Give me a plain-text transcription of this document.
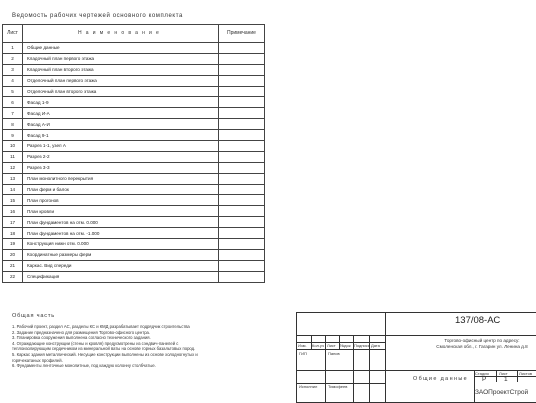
Ведомость рабочих чертежей основного комплекта
Лист	Наименование	Примечание
1	Общие данные	
2	Кладочный план первого этажа	
3	Кладочный план второго этажа	
4	Отделочный план первого этажа	
5	Отделочный план второго этажа	
6	Фасад 1-9	
7	Фасад И-А	
8	Фасад А-И	
9	Фасад 9-1	
10	Разрез 1-1, узел А	
11	Разрез 2-2	
12	Разрез 3-3	
13	План монолитного перекрытия	
14	План ферм и балок	
15	План прогонов	
16	План кровли	
17	План фундаментов на отм. 0.000	
18	План фундаментов на отм. -1.000	
19	Конструкция нижн отм. 0.000	
20	Координатные размеры ферм	
21	Каркас. Вид спереди	
22	Спецификация	
Общая часть
1. Рабочий проект, раздел АС, разделы КС и КМД разрабатывает подрядчик строительства
2. Задание предназначено для размещения Торгово-офисного центра.
3. Планировка сооружения выполнена согласно технического задания.
4. Ограждающие конструкции (стены и кровля) предусмотрены из сэндвич-панелей с
теплоизолирующим сердечником из минеральной ваты на основе горных базальтовых пород.
5. Каркас здания металлический. Несущие конструкции выполнены из основе холодногнутых и
горячекатаных профилей.
6. Фундаменты ленточные монолитные, под каждую колонну столбчатые.
137/08-АС
Торгово-офисный центр по адресу:
Смоленская обл., г. Гагарин ул. Ленина д.8
Изм. Кол.уч Лист №док Подпись Дата
ГИП	Панов
Исполнил	Тимофеев
Общие данные
Стадия	Лист	Листов
Р	1
ЗАОПроектСтрой
